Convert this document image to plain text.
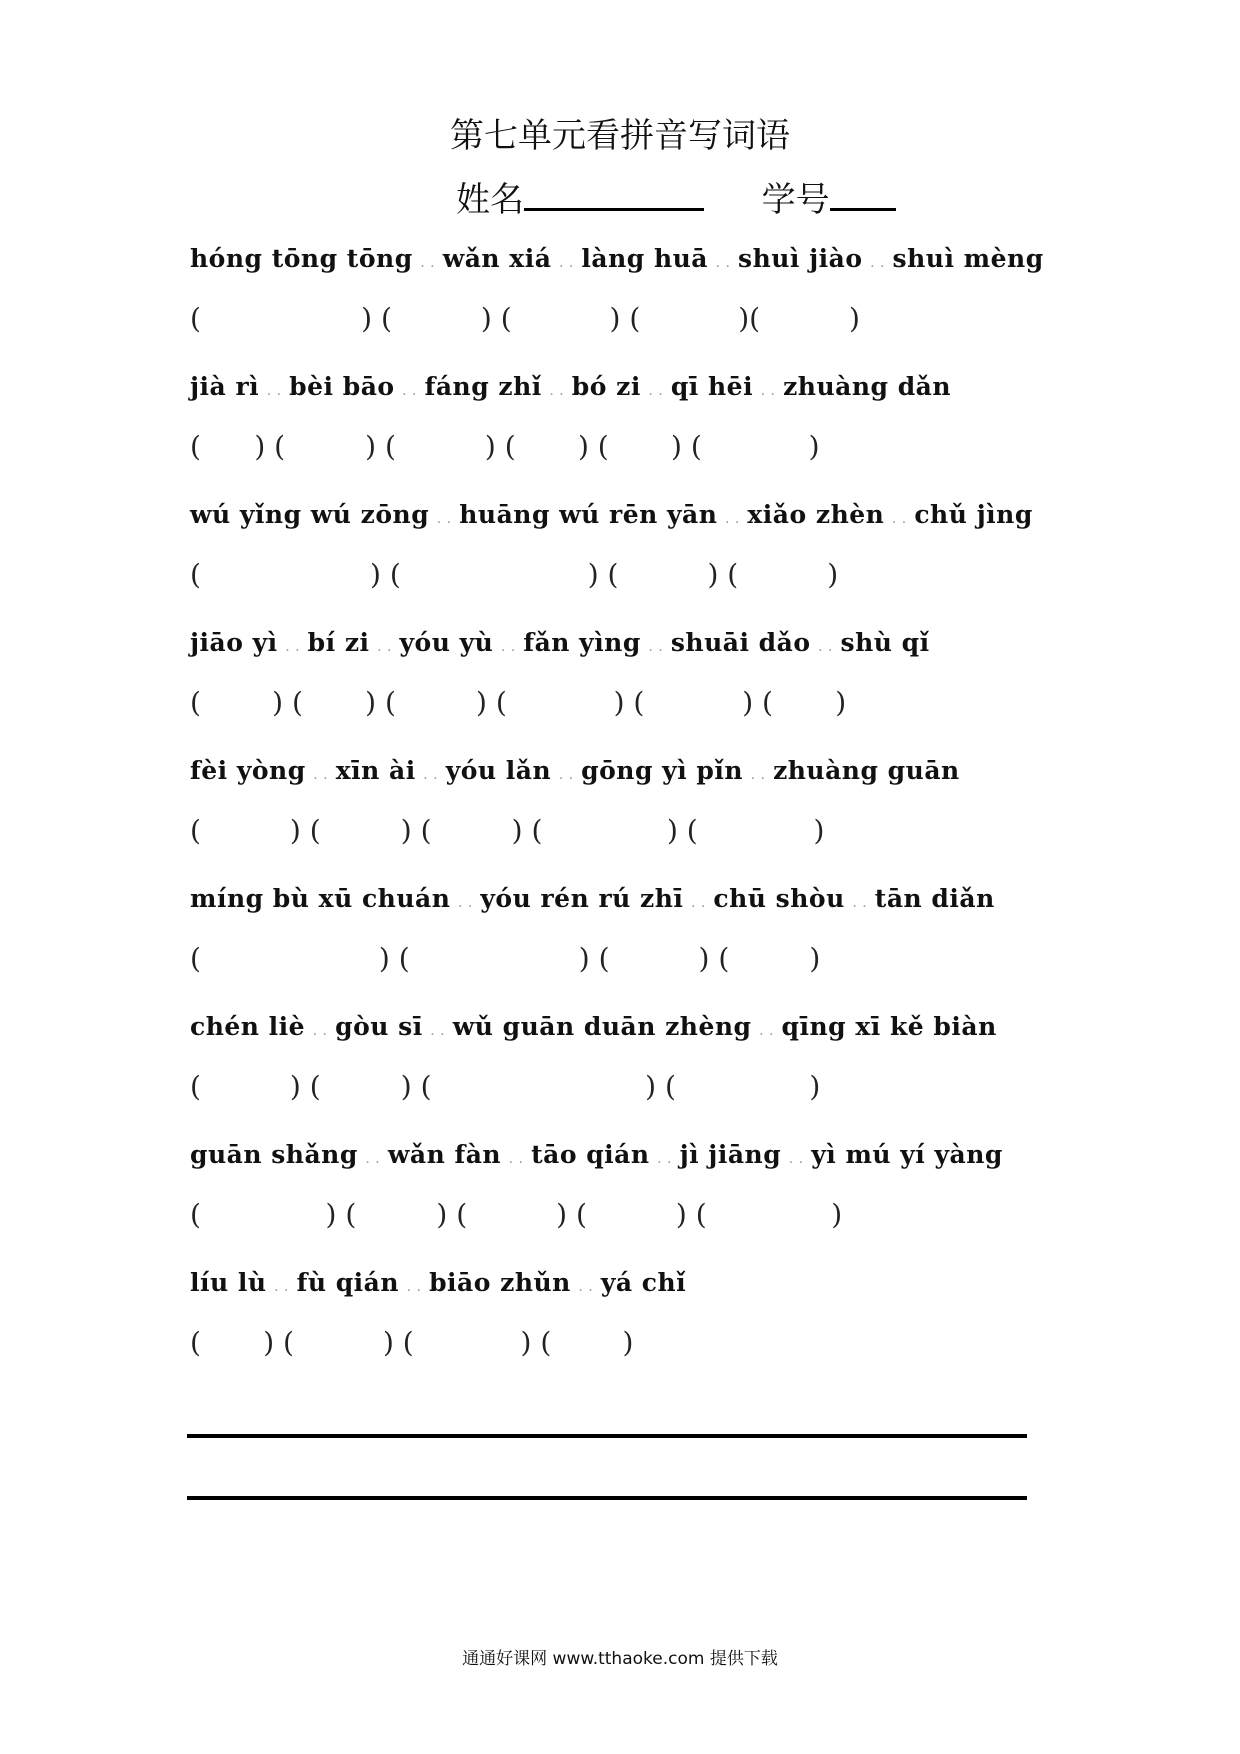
第七单元看拼音写词语
姓名	学号
hóng tōng tōng . . wǎn xiá . . làng huā . . shuì jiào . . shuì mèng
(                  ) (          ) (           ) (           )(          )
jià rì . . bèi bāo . . fáng zhǐ . . bó zi . . qī hēi . . zhuàng dǎn
(      ) (         ) (          ) (       ) (       ) (            )
wú yǐng wú zōng . . huāng wú rēn yān . . xiǎo zhèn . . chǔ jìng
(                   ) (                     ) (          ) (          )
jiāo yì . . bí zi . . yóu yù . . fǎn yìng . . shuāi dǎo . . shù qǐ
(        ) (       ) (         ) (            ) (           ) (       )
fèi yòng . . xīn ài . . yóu lǎn . . gōng yì pǐn . . zhuàng guān
(          ) (         ) (         ) (              ) (             )
míng bù xū chuán . . yóu rén rú zhī . . chū shòu . . tān diǎn
(                    ) (                   ) (          ) (         )
chén liè . . gòu sī . . wǔ guān duān zhèng . . qīng xī kě biàn
(          ) (         ) (                        ) (               )
guān shǎng . . wǎn fàn . . tāo qián . . jì jiāng . . yì mú yí yàng
(              ) (         ) (          ) (          ) (              )
líu lù . . fù qián . . biāo zhǔn . . yá chǐ
(       ) (          ) (            ) (        )
通通好课网 www.tthaoke.com 提供下载
